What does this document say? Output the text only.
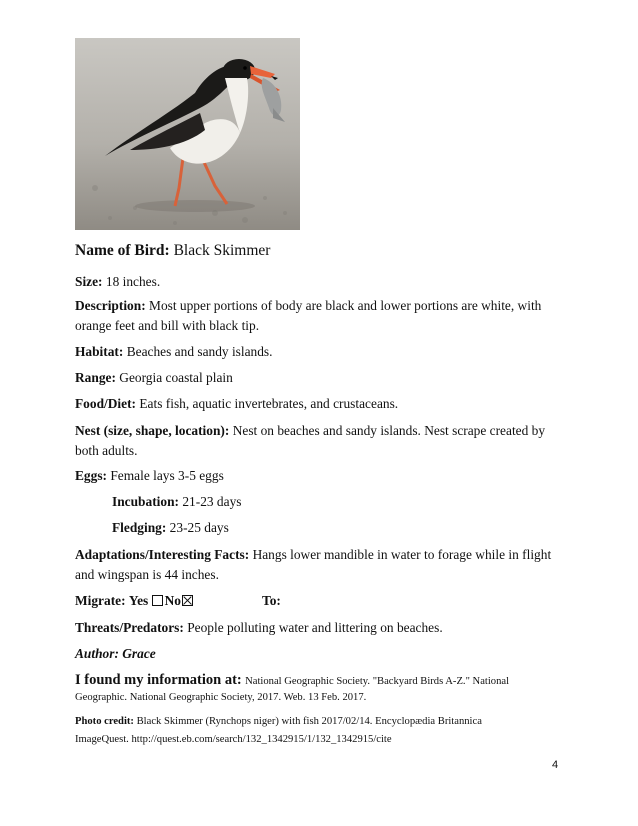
Name of Bird: Black Skimmer
Size: 18 inches.
Description: Most upper portions of body are black and lower portions are white, with
orange feet and bill with black tip.
Habitat: Beaches and sandy islands.
Range: Georgia coastal plain
Food/Diet: Eats fish, aquatic invertebrates, and crustaceans.
Nest (size, shape, location): Nest on beaches and sandy islands. Nest scrape created by
both adults.
Eggs: Female lays 3-5 eggs
Incubation: 21-23 days
Fledging: 23-25 days
Adaptations/Interesting Facts: Hangs lower mandible in water to forage while in flight
and wingspan is 44 inches.
Migrate: Yes No	To:
Threats/Predators: People polluting water and littering on beaches.
Author: Grace
I found my information at: National Geographic Society. "Backyard Birds A-Z." National
Geographic. National Geographic Society, 2017. Web. 13 Feb. 2017.
Photo credit: Black Skimmer (Rynchops niger) with fish 2017/02/14. Encyclopædia Britannica
ImageQuest. http://quest.eb.com/search/132_1342915/1/132_1342915/cite
4
